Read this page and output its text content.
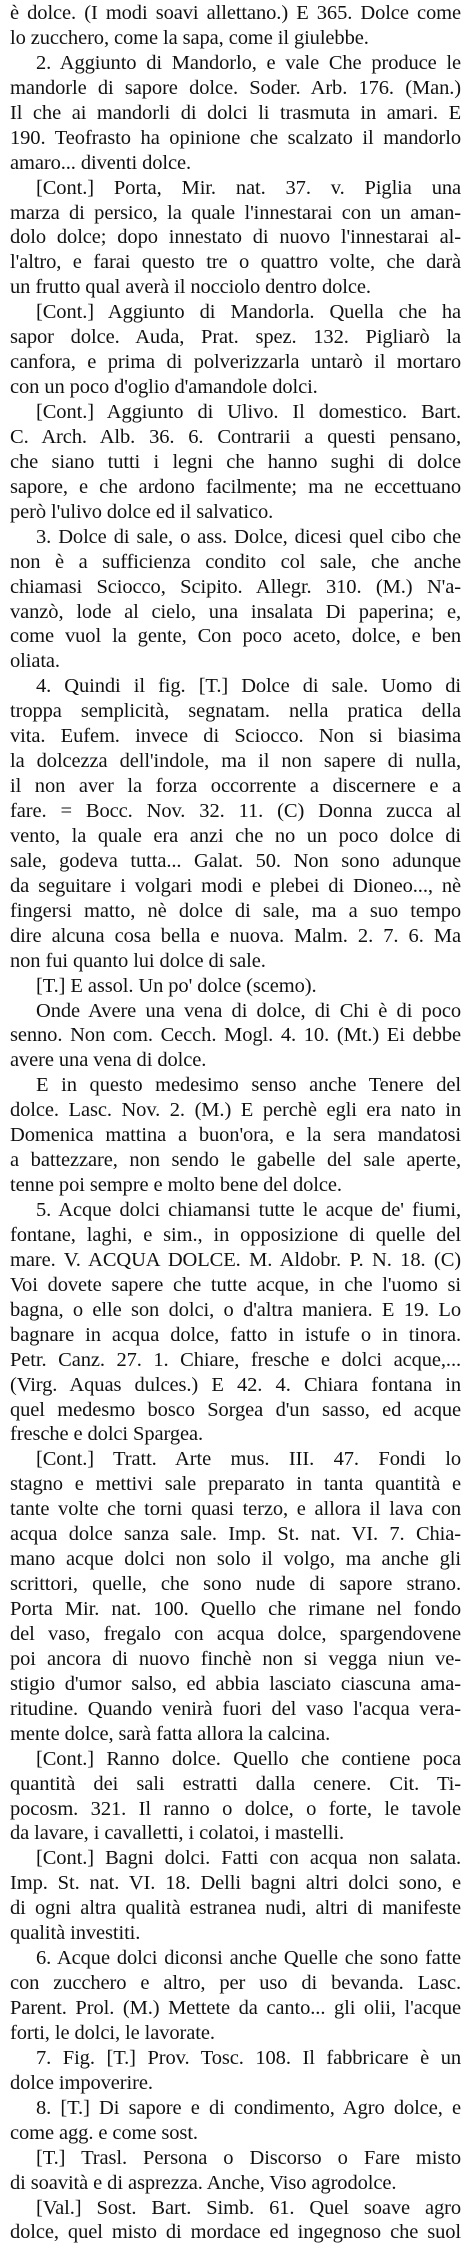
è dolce. (I modi soavi allettano.) E 365. Dolce come
lo zucchero, come la sapa, come il giulebbe.
2. Aggiunto di Mandorlo, e vale Che produce le
mandorle di sapore dolce. Soder. Arb. 176. (Man.)
Il che ai mandorli di dolci li trasmuta in amari. E
190. Teofrasto ha opinione che scalzato il mandorlo
amaro... diventi dolce.
[Cont.] Porta, Mir. nat. 37. v. Piglia una
marza di persico, la quale l'innestarai con un aman-
dolo dolce; dopo innestato di nuovo l'innestarai al-
l'altro, e farai questo tre o quattro volte, che darà
un frutto qual averà il nocciolo dentro dolce.
[Cont.] Aggiunto di Mandorla. Quella che ha
sapor dolce. Auda, Prat. spez. 132. Pigliarò la
canfora, e prima di polverizzarla untarò il mortaro
con un poco d'oglio d'amandole dolci.
[Cont.] Aggiunto di Ulivo. Il domestico. Bart.
C. Arch. Alb. 36. 6. Contrarii a questi pensano,
che siano tutti i legni che hanno sughi di dolce
sapore, e che ardono facilmente; ma ne eccettuano
però l'ulivo dolce ed il salvatico.
3. Dolce di sale, o ass. Dolce, dicesi quel cibo che
non è a sufficienza condito col sale, che anche
chiamasi Sciocco, Scipito. Allegr. 310. (M.) N'a-
vanzò, lode al cielo, una insalata Di paperina; e,
come vuol la gente, Con poco aceto, dolce, e ben
oliata.
4. Quindi il fig. [T.] Dolce di sale. Uomo di
troppa semplicità, segnatam. nella pratica della
vita. Eufem. invece di Sciocco. Non si biasima
la dolcezza dell'indole, ma il non sapere di nulla,
il non aver la forza occorrente a discernere e a
fare. = Bocc. Nov. 32. 11. (C) Donna zucca al
vento, la quale era anzi che no un poco dolce di
sale, godeva tutta... Galat. 50. Non sono adunque
da seguitare i volgari modi e plebei di Dioneo..., nè
fingersi matto, nè dolce di sale, ma a suo tempo
dire alcuna cosa bella e nuova. Malm. 2. 7. 6. Ma
non fui quanto lui dolce di sale.
[T.] E assol. Un po' dolce (scemo).
Onde Avere una vena di dolce, di Chi è di poco
senno. Non com. Cecch. Mogl. 4. 10. (Mt.) Ei debbe
avere una vena di dolce.
E in questo medesimo senso anche Tenere del
dolce. Lasc. Nov. 2. (M.) E perchè egli era nato in
Domenica mattina a buon'ora, e la sera mandatosi
a battezzare, non sendo le gabelle del sale aperte,
tenne poi sempre e molto bene del dolce.
5. Acque dolci chiamansi tutte le acque de' fiumi,
fontane, laghi, e sim., in opposizione di quelle del
mare. V. ACQUA DOLCE. M. Aldobr. P. N. 18. (C)
Voi dovete sapere che tutte acque, in che l'uomo si
bagna, o elle son dolci, o d'altra maniera. E 19. Lo
bagnare in acqua dolce, fatto in istufe o in tinora.
Petr. Canz. 27. 1. Chiare, fresche e dolci acque,...
(Virg. Aquas dulces.) E 42. 4. Chiara fontana in
quel medesmo bosco Sorgea d'un sasso, ed acque
fresche e dolci Spargea.
[Cont.] Tratt. Arte mus. III. 47. Fondi lo
stagno e mettivi sale preparato in tanta quantità e
tante volte che torni quasi terzo, e allora il lava con
acqua dolce sanza sale. Imp. St. nat. VI. 7. Chia-
mano acque dolci non solo il volgo, ma anche gli
scrittori, quelle, che sono nude di sapore strano.
Porta Mir. nat. 100. Quello che rimane nel fondo
del vaso, fregalo con acqua dolce, spargendovene
poi ancora di nuovo finchè non si vegga niun ve-
stigio d'umor salso, ed abbia lasciato ciascuna ama-
ritudine. Quando venirà fuori del vaso l'acqua vera-
mente dolce, sarà fatta allora la calcina.
[Cont.] Ranno dolce. Quello che contiene poca
quantità dei sali estratti dalla cenere. Cit. Ti-
pocosm. 321. Il ranno o dolce, o forte, le tavole
da lavare, i cavalletti, i colatoi, i mastelli.
[Cont.] Bagni dolci. Fatti con acqua non salata.
Imp. St. nat. VI. 18. Delli bagni altri dolci sono, e
di ogni altra qualità estranea nudi, altri di manifeste
qualità investiti.
6. Acque dolci diconsi anche Quelle che sono fatte
con zucchero e altro, per uso di bevanda. Lasc.
Parent. Prol. (M.) Mettete da canto... gli olii, l'acque
forti, le dolci, le lavorate.
7. Fig. [T.] Prov. Tosc. 108. Il fabbricare è un
dolce impoverire.
8. [T.] Di sapore e di condimento, Agro dolce, e
come agg. e come sost.
[T.] Trasl. Persona o Discorso o Fare misto
di soavità e di asprezza. Anche, Viso agrodolce.
[Val.] Sost. Bart. Simb. 61. Quel soave agro
dolce, quel misto di mordace ed ingegnoso che suol
